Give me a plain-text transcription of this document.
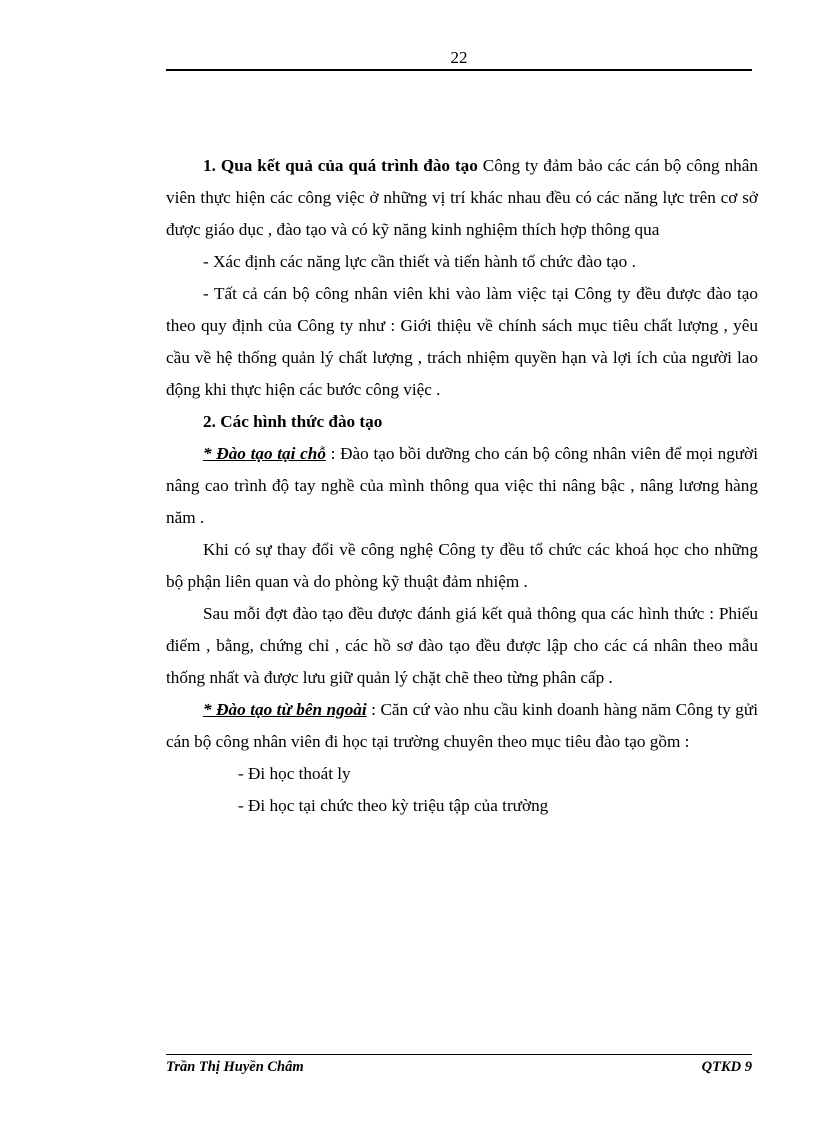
22

1. Qua kết quả của quá trình đào tạo Công ty đảm bảo các cán bộ công nhân viên thực hiện các công việc ở những vị trí khác nhau đều có các năng lực trên cơ sở được giáo dục , đào tạo và có kỹ năng kinh nghiệm thích hợp thông qua

- Xác định các năng lực cần thiết và tiến hành tổ chức đào tạo .

- Tất cả cán bộ công nhân viên khi vào làm việc tại Công ty đều được đào tạo theo quy định của Công ty như : Giới thiệu về chính sách mục tiêu chất lượng , yêu cầu về hệ thống quản lý chất lượng , trách nhiệm quyền hạn và lợi ích của người lao động khi thực hiện các bước công việc .

2. Các hình thức đào tạo

* Đào tạo tại chỗ : Đào tạo bồi dưỡng cho cán bộ công nhân viên để mọi người nâng cao trình độ tay nghề của mình thông qua việc thi nâng bậc , nâng lương hàng năm .

Khi có sự thay đổi về công nghệ Công ty đều tổ chức các khoá học cho những bộ phận liên quan và do phòng kỹ thuật đảm nhiệm .

Sau mỗi đợt đào tạo đều được đánh giá kết quả thông qua các hình thức : Phiếu điểm , bằng, chứng chỉ , các hồ sơ đào tạo đều được lập cho các cá nhân theo mẫu thống nhất và được lưu giữ quản lý chặt chẽ theo từng phân cấp .

* Đào tạo từ bên ngoài : Căn cứ vào nhu cầu kinh doanh hàng năm Công ty gửi cán bộ công nhân viên đi học tại trường chuyên theo mục tiêu đào tạo gồm :

- Đi học thoát ly

- Đi học tại chức theo kỳ triệu tập của trường

Trần Thị Huyền Châm	QTKD 9
